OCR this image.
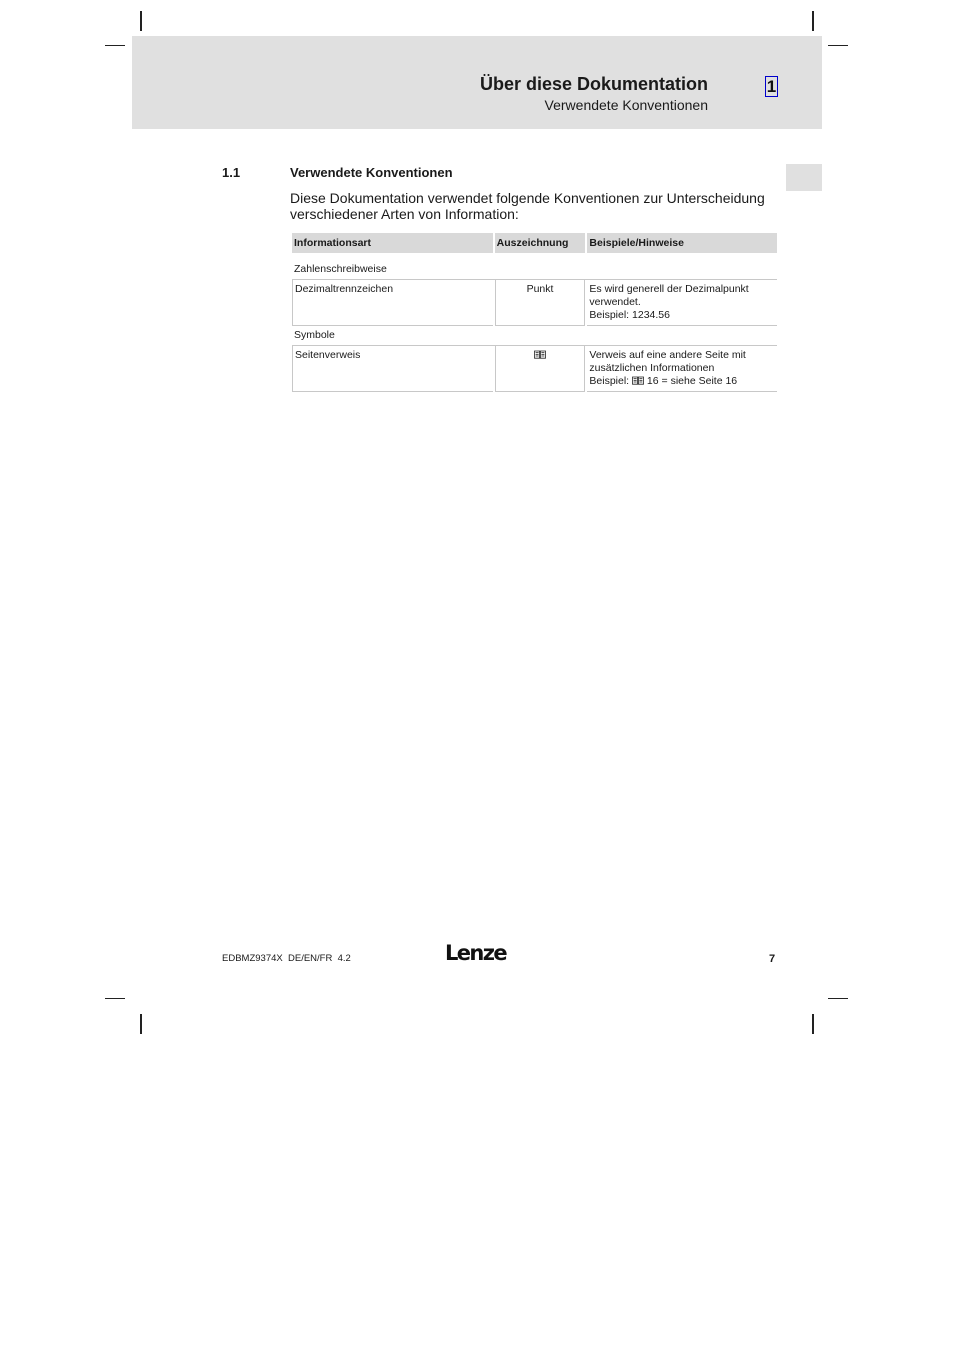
Über diese Dokumentation
Verwendete Konventionen
1
1.1	Verwendete Konventionen
Diese Dokumentation verwendet folgende Konventionen zur Unterscheidung verschiedener Arten von Information:
Informationsart	Auszeichnung	Beispiele/Hinweise

Zahlenschreibweise		
Dezimaltrennzeichen	Punkt	Es wird generell der Dezimalpunkt
verwendet.
Beispiel: 1234.56

Symbole		
Seitenverweis		Verweis auf eine andere Seite mit
zusätzlichen Informationen
Beispiel:  16 = siehe Seite 16
EDBMZ9374X  DE/EN/FR  4.2	Lenze	7
